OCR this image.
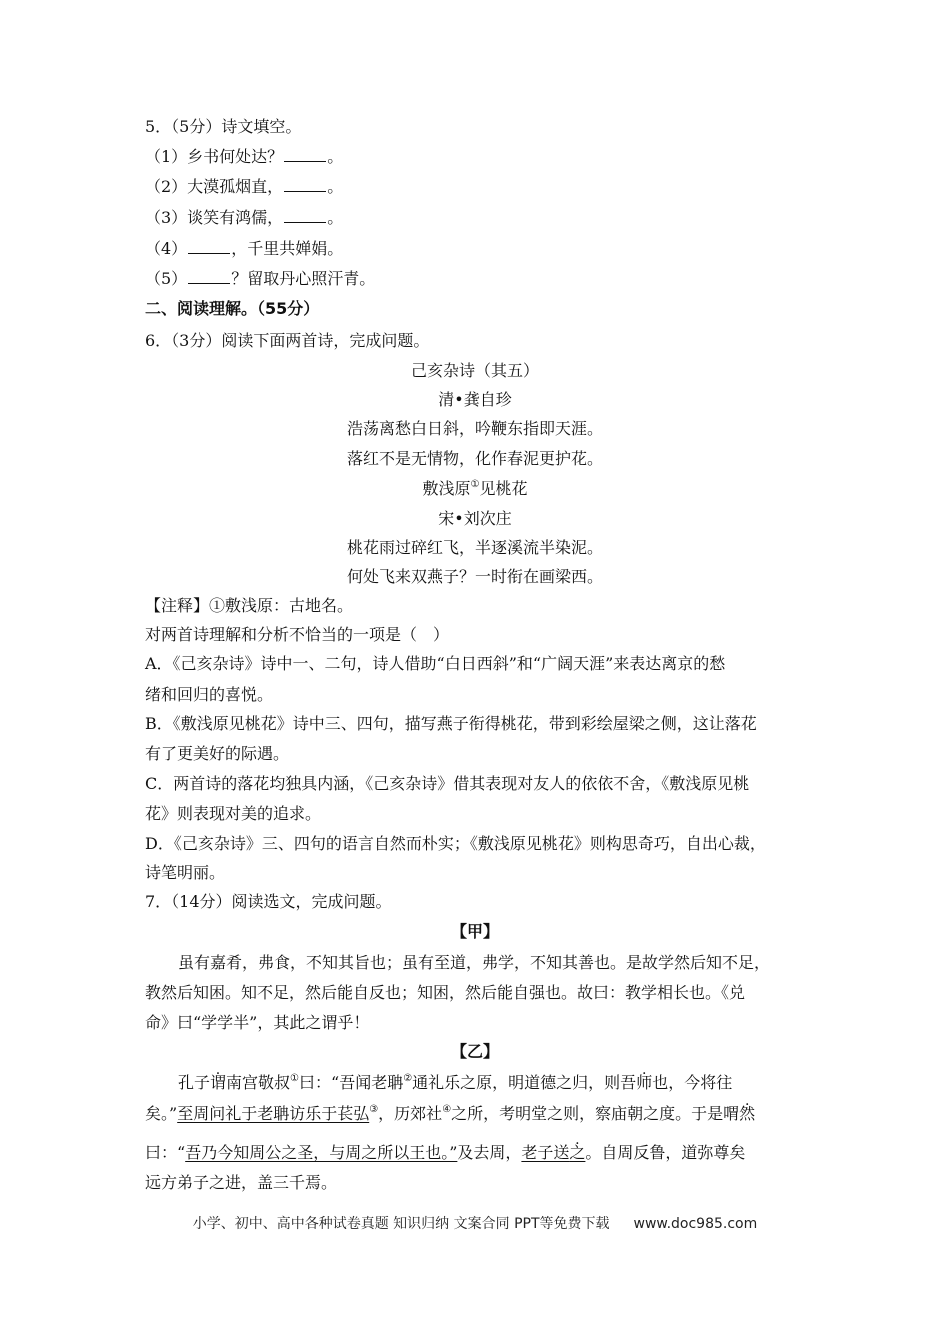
5．（5分）诗文填空。
（1）乡书何处达？	。
（2）大漠孤烟直，	。
（3）谈笑有鸿儒，	。
（4）	，千里共婵娟。
（5）	？留取丹心照汗青。
二、阅读理解。（55分）
6．（3分）阅读下面两首诗，完成问题。
己亥杂诗（其五）
清•龚自珍
浩荡离愁白日斜，吟鞭东指即天涯。
落红不是无情物，化作春泥更护花。
敷浅原①见桃花
宋•刘次庄
桃花雨过碎红飞，半逐溪流半染泥。
何处飞来双燕子？一时衔在画梁西。
【注释】①敷浅原：古地名。
对两首诗理解和分析不恰当的一项是（　）
A．《己亥杂诗》诗中一、二句，诗人借助“白日西斜”和“广阔天涯”来表达离京的愁
绪和回归的喜悦。
B．《敷浅原见桃花》诗中三、四句，描写燕子衔得桃花，带到彩绘屋梁之侧，这让落花
有了更美好的际遇。
C．两首诗的落花均独具内涵，《己亥杂诗》借其表现对友人的依依不舍，《敷浅原见桃
花》则表现对美的追求。
D．《己亥杂诗》三、四句的语言自然而朴实；《敷浅原见桃花》则构思奇巧，自出心裁，
诗笔明丽。
7．（14分）阅读选文，完成问题。
【甲】
虽有嘉肴，弗食，不知其旨也；虽有至道，弗学，不知其善也。是故学然后知不足，
教然后知困。知不足，然后能自反也；知困，然后能自强也。故曰：教学相长也。《兑
命》曰“学学半”，其此之谓乎！
【乙】
孔子谓南宫敬叔①曰：“吾闻老聃②通礼乐之原，明道德之归，则吾师也，今将往
矣。”至周问礼于老聃访乐于苌弘③，历郊社④之所，考明堂之则，察庙朝之度。于是喟然
曰：“吾乃今知周公之圣，与周之所以王也。”及去周，老子送之。自周反鲁，道弥尊矣
远方弟子之进，盖三千焉。
小学、初中、高中各种试卷真题 知识归纳 文案合同 PPT等免费下载 www.doc985.com
